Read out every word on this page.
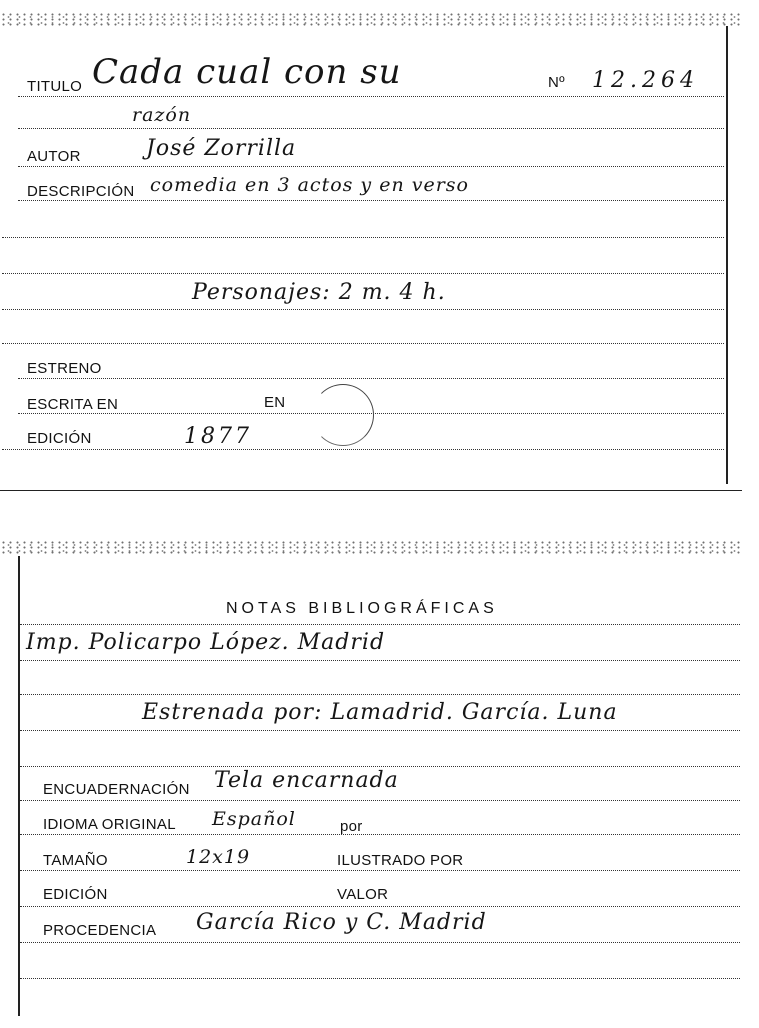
TITULO Cada cual con su	Nº 12.264
razón
AUTOR	José Zorrilla
DESCRIPCIÓN comedia en 3 actos y en verso
Personajes: 2 m. 4 h.
ESTRENO
ESCRITA EN	EN
EDICIÓN	1877
NOTAS BIBLIOGRÁFICAS
Imp. Policarpo López. Madrid
Estrenada por: Lamadrid. García. Luna
ENCUADERNACIÓN Tela encarnada
IDIOMA ORIGINAL Español	por
TAMAÑO	12x19	ILUSTRADO POR
EDICIÓN	VALOR
PROCEDENCIA García Rico y C. Madrid
